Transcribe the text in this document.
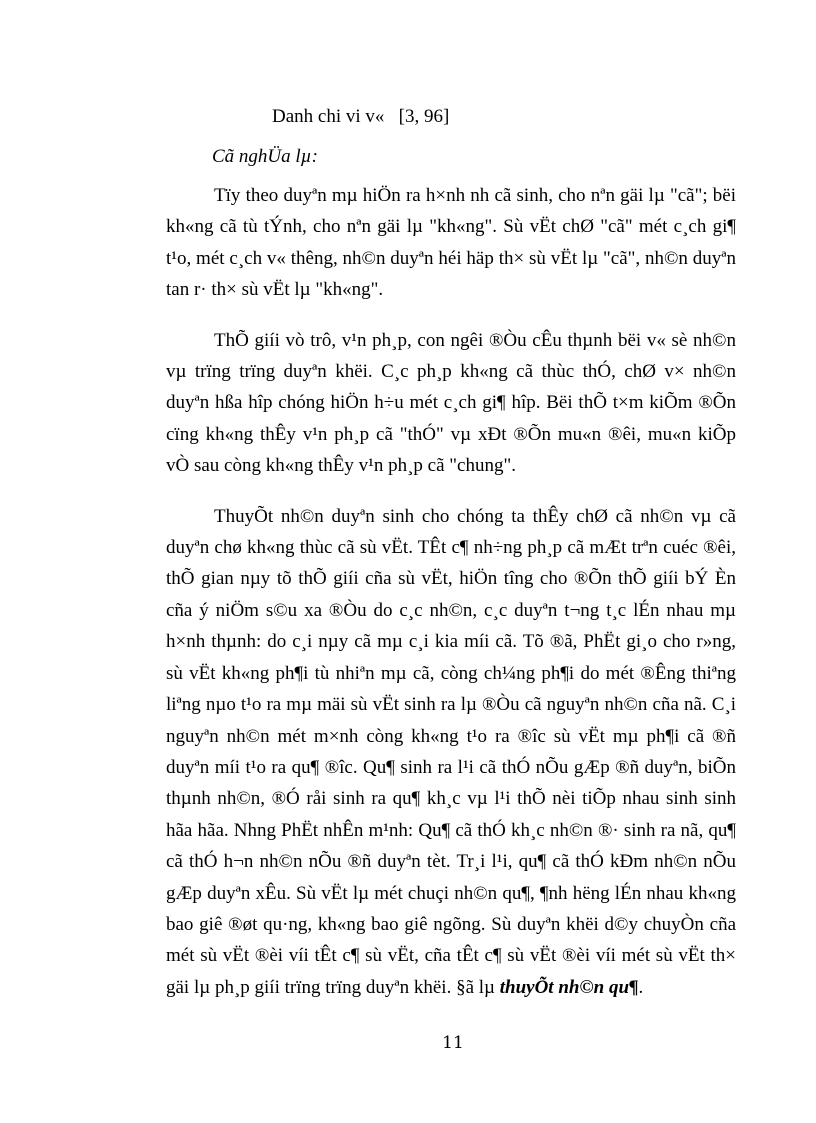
Danh chi vi v«   [3, 96]
Cã nghÜa lµ:

Tïy theo duyªn mµ hiÖn ra h×nh nh cã sinh, cho nªn gäi lµ "cã"; bëi kh«ng cã tù tÝnh, cho nªn gäi lµ "kh«ng". Sù vËt chØ "cã" mét c¸ch gi¶ t¹o, mét c¸ch v« thêng, nh©n duyªn héi häp th× sù vËt lµ "cã", nh©n duyªn tan r· th× sù vËt lµ "kh«ng".

ThÕ giíi vò trô, v¹n ph¸p, con ngêi ®Òu cÊu thµnh bëi v« sè nh©n vµ trïng trïng duyªn khëi. C¸c ph¸p kh«ng cã thùc thÓ, chØ v× nh©n duyªn hßa hîp chóng hiÖn h÷u mét c¸ch gi¶ hîp. Bëi thÕ t×m kiÕm ®Õn cïng kh«ng thÊy v¹n ph¸p cã "thÓ" vµ xÐt ®Õn mu«n ®êi, mu«n kiÕp vÒ sau còng kh«ng thÊy v¹n ph¸p cã "chung".

ThuyÕt nh©n duyªn sinh cho chóng ta thÊy chØ cã nh©n vµ cã duyªn chø kh«ng thùc cã sù vËt. TÊt c¶ nh÷ng ph¸p cã mÆt trªn cuéc ®êi, thÕ gian nµy tõ thÕ giíi cña sù vËt, hiÖn tîng cho ®Õn thÕ giíi bÝ Èn cña ý niÖm s©u xa ®Òu do c¸c nh©n, c¸c duyªn t¬ng t¸c lÉn nhau mµ h×nh thµnh: do c¸i nµy cã mµ c¸i kia míi cã. Tõ ®ã, PhËt gi¸o cho r»ng, sù vËt kh«ng ph¶i tù nhiªn mµ cã, còng ch¼ng ph¶i do mét ®Êng thiªng liªng nµo t¹o ra mµ mäi sù vËt sinh ra lµ ®Òu cã nguyªn nh©n cña nã. C¸i nguyªn nh©n mét m×nh còng kh«ng t¹o ra ®îc sù vËt mµ ph¶i cã ®ñ duyªn míi t¹o ra qu¶ ®îc. Qu¶ sinh ra l¹i cã thÓ nÕu gÆp ®ñ duyªn, biÕn thµnh nh©n, ®Ó råi sinh ra qu¶ kh¸c vµ l¹i thÕ nèi tiÕp nhau sinh sinh hãa hãa. Nhng PhËt nhÊn m¹nh: Qu¶ cã thÓ kh¸c nh©n ®· sinh ra nã, qu¶ cã thÓ h¬n nh©n nÕu ®ñ duyªn tèt. Tr¸i l¹i, qu¶ cã thÓ kÐm nh©n nÕu gÆp duyªn xÊu. Sù vËt lµ mét chuçi nh©n qu¶, ¶nh hëng lÉn nhau kh«ng bao giê ®øt qu·ng, kh«ng bao giê ngõng. Sù duyªn khëi d©y chuyÒn cña mét sù vËt ®èi víi tÊt c¶ sù vËt, cña tÊt c¶ sù vËt ®èi víi mét sù vËt th× gäi lµ ph¸p giíi trïng trïng duyªn khëi. §ã lµ thuyÕt nh©n qu¶.

11
